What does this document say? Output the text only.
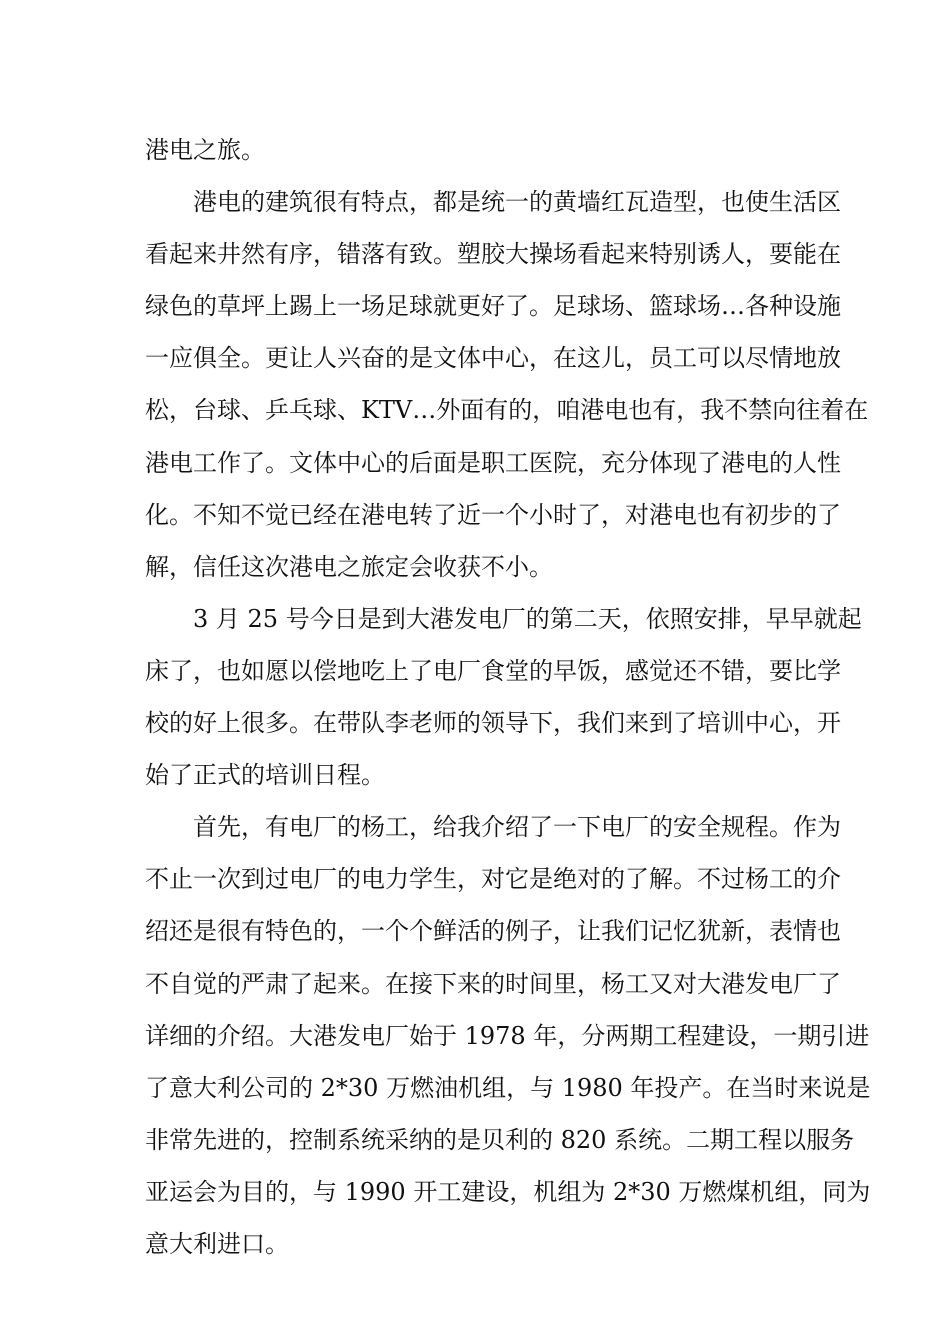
港电之旅。
港电的建筑很有特点，都是统一的黄墙红瓦造型，也使生活区
看起来井然有序，错落有致。塑胶大操场看起来特别诱人，要能在
绿色的草坪上踢上一场足球就更好了。足球场、篮球场…各种设施
一应俱全。更让人兴奋的是文体中心，在这儿，员工可以尽情地放
松，台球、乒乓球、KTV…外面有的，咱港电也有，我不禁向往着在
港电工作了。文体中心的后面是职工医院，充分体现了港电的人性
化。不知不觉已经在港电转了近一个小时了，对港电也有初步的了
解，信任这次港电之旅定会收获不小。
3 月 25 号今日是到大港发电厂的第二天，依照安排，早早就起
床了，也如愿以偿地吃上了电厂食堂的早饭，感觉还不错，要比学
校的好上很多。在带队李老师的领导下，我们来到了培训中心，开
始了正式的培训日程。
首先，有电厂的杨工，给我介绍了一下电厂的安全规程。作为
不止一次到过电厂的电力学生，对它是绝对的了解。不过杨工的介
绍还是很有特色的，一个个鲜活的例子，让我们记忆犹新，表情也
不自觉的严肃了起来。在接下来的时间里，杨工又对大港发电厂了
详细的介绍。大港发电厂始于 1978 年，分两期工程建设，一期引进
了意大利公司的 2*30 万燃油机组，与 1980 年投产。在当时来说是
非常先进的，控制系统采纳的是贝利的 820 系统。二期工程以服务
亚运会为目的，与 1990 开工建设，机组为 2*30 万燃煤机组，同为
意大利进口。
